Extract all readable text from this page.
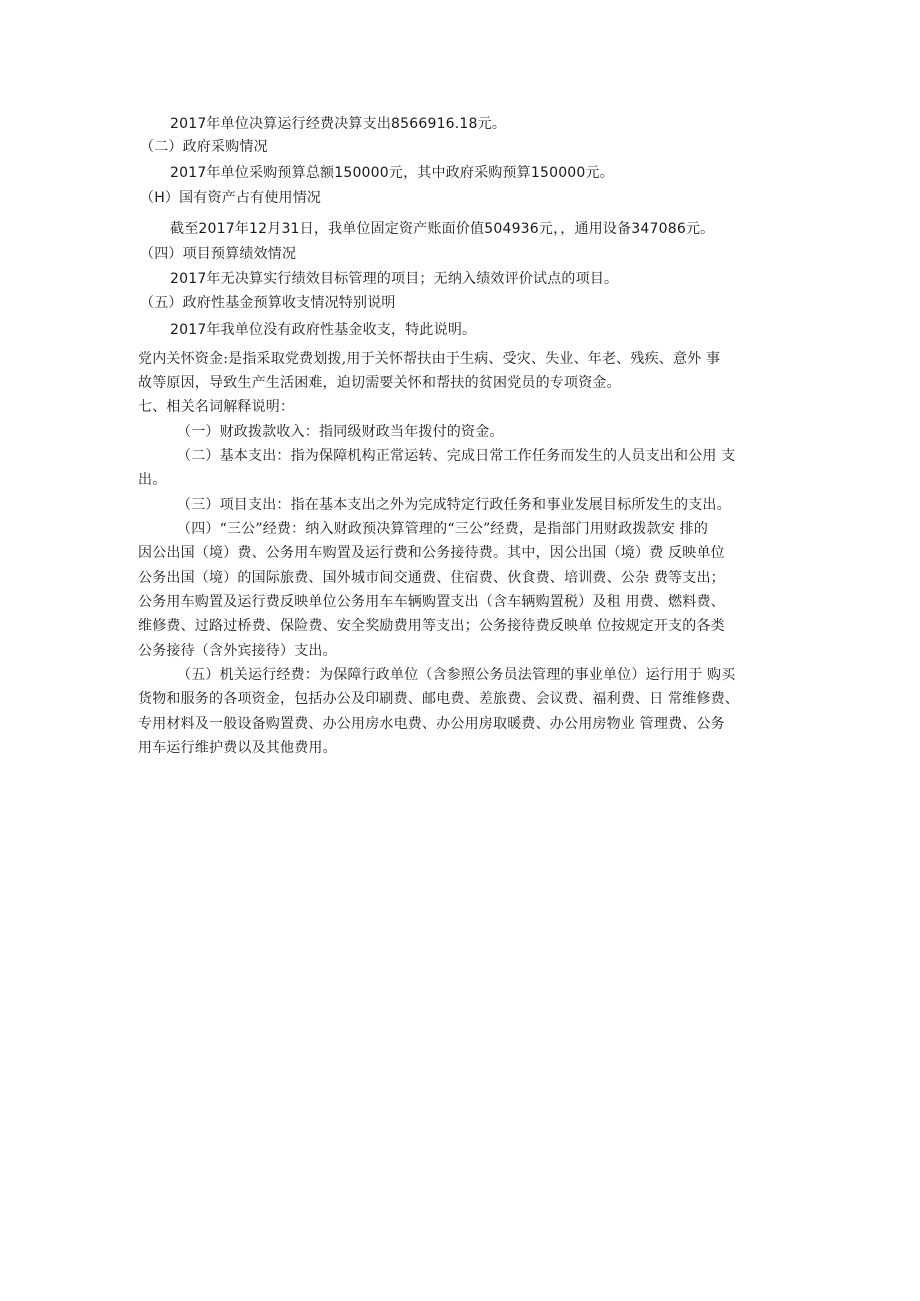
2017年单位决算运行经费决算支出8566916.18元。
（二）政府采购情况
2017年单位采购预算总额150000元，其中政府采购预算150000元。
（H）国有资产占有使用情况
截至2017年12月31日，我单位固定资产账面价值504936元，，通用设备347086元。
（四）项目预算绩效情况
2017年无决算实行绩效目标管理的项目；无纳入绩效评价试点的项目。
（五）政府性基金预算收支情况特别说明
2017年我单位没有政府性基金收支，特此说明。
党内关怀资金:是指采取党费划拨,用于关怀帮扶由于生病、受灾、失业、年老、残疾、意外 事
故等原因，导致生产生活困难，迫切需要关怀和帮扶的贫困党员的专项资金。
七、相关名词解释说明：
（一）财政拨款收入：指同级财政当年拨付的资金。
（二）基本支出：指为保障机构正常运转、完成日常工作任务而发生的人员支出和公用 支
出。
（三）项目支出：指在基本支出之外为完成特定行政任务和事业发展目标所发生的支出。
（四）“三公”经费：纳入财政预决算管理的“三公”经费，是指部门用财政拨款安 排的
因公出国（境）费、公务用车购置及运行费和公务接待费。其中，因公出国（境）费 反映单位
公务出国（境）的国际旅费、国外城市间交通费、住宿费、伙食费、培训费、公杂 费等支出；
公务用车购置及运行费反映单位公务用车车辆购置支出（含车辆购置税）及租 用费、燃料费、
维修费、过路过桥费、保险费、安全奖励费用等支出；公务接待费反映单 位按规定开支的各类
公务接待（含外宾接待）支出。
（五）机关运行经费：为保障行政单位（含参照公务员法管理的事业单位）运行用于 购买
货物和服务的各项资金，包括办公及印刷费、邮电费、差旅费、会议费、福利费、日 常维修费、
专用材料及一般设备购置费、办公用房水电费、办公用房取暖费、办公用房物业 管理费、公务
用车运行维护费以及其他费用。
